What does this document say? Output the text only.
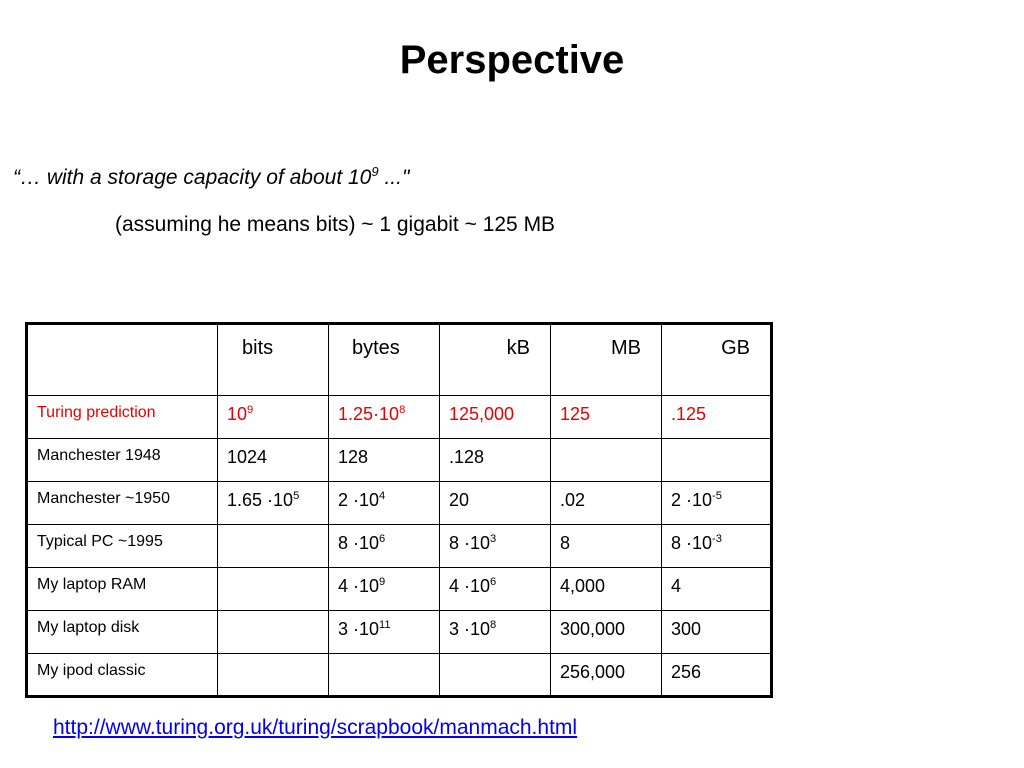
Perspective
“… with a storage capacity of about $10^9$ ..."
(assuming he means bits) ~ 1 gigabit ~ 125 MB
	bits	bytes	kB	MB	GB
Turing prediction	$10^9$	$1.25\cdot 10^8$	125,000	125	.125
Manchester 1948	1024	128	.128		
Manchester ~1950	$1.65 \cdot 10^5$	$2 \cdot 10^4$	20	.02	$2 \cdot 10^{-5}$
Typical PC ~1995		$8 \cdot 10^6$	$8 \cdot 10^3$	8	$8 \cdot 10^{-3}$
My laptop RAM		$4 \cdot 10^9$	$4 \cdot 10^6$	4,000	4
My laptop disk		$3 \cdot 10^{11}$	$3 \cdot 10^8$	300,000	300
My ipod classic				256,000	256
http://www.turing.org.uk/turing/scrapbook/manmach.html
